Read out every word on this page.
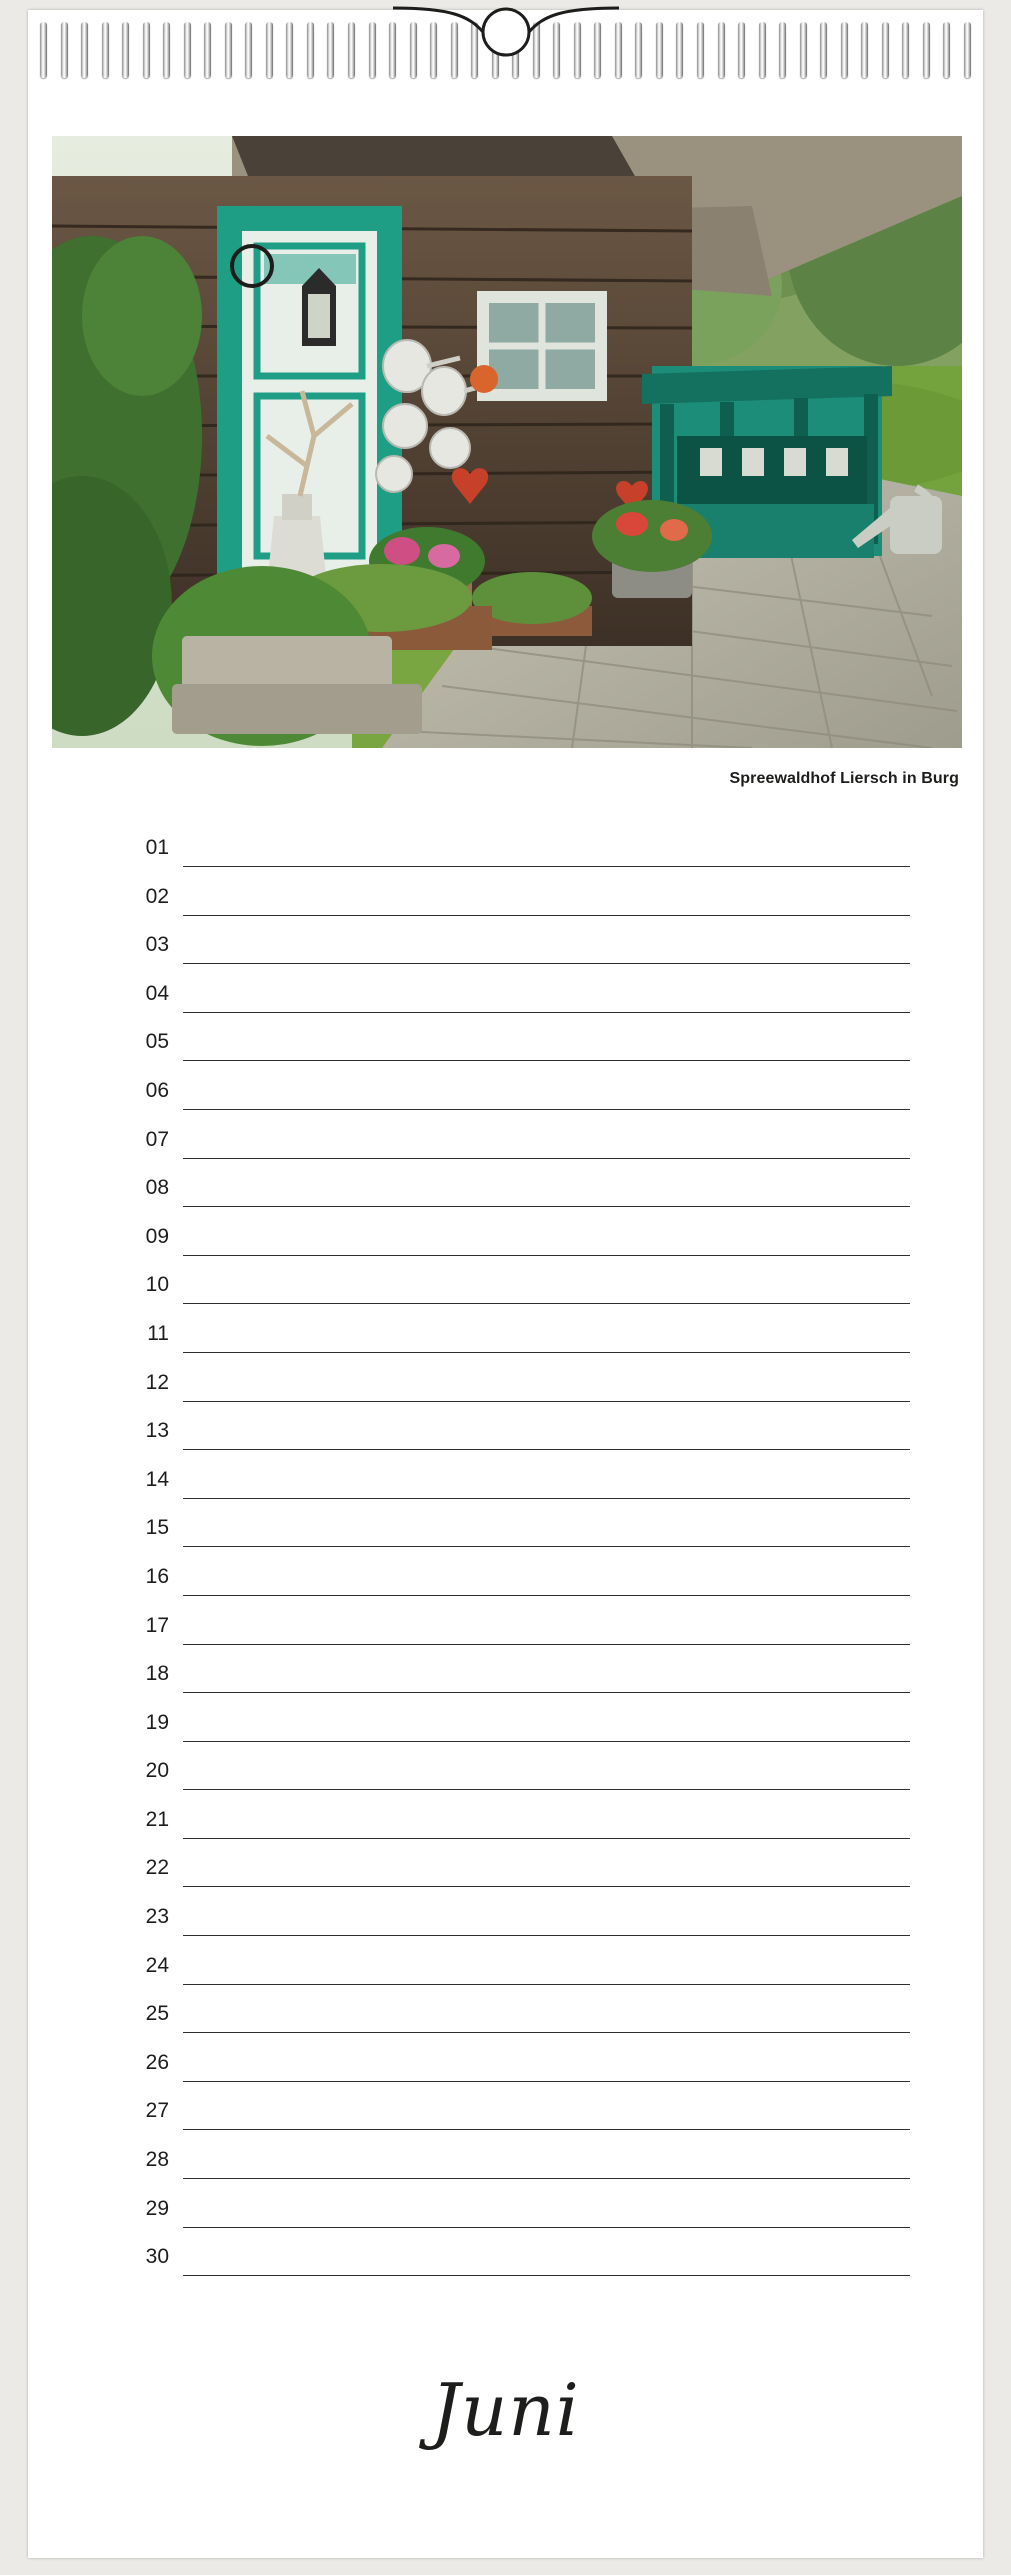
Spreewaldhof Liersch in Burg
01
02
03
04
05
06
07
08
09
10
11
12
13
14
15
16
17
18
19
20
21
22
23
24
25
26
27
28
29
30
Juni
